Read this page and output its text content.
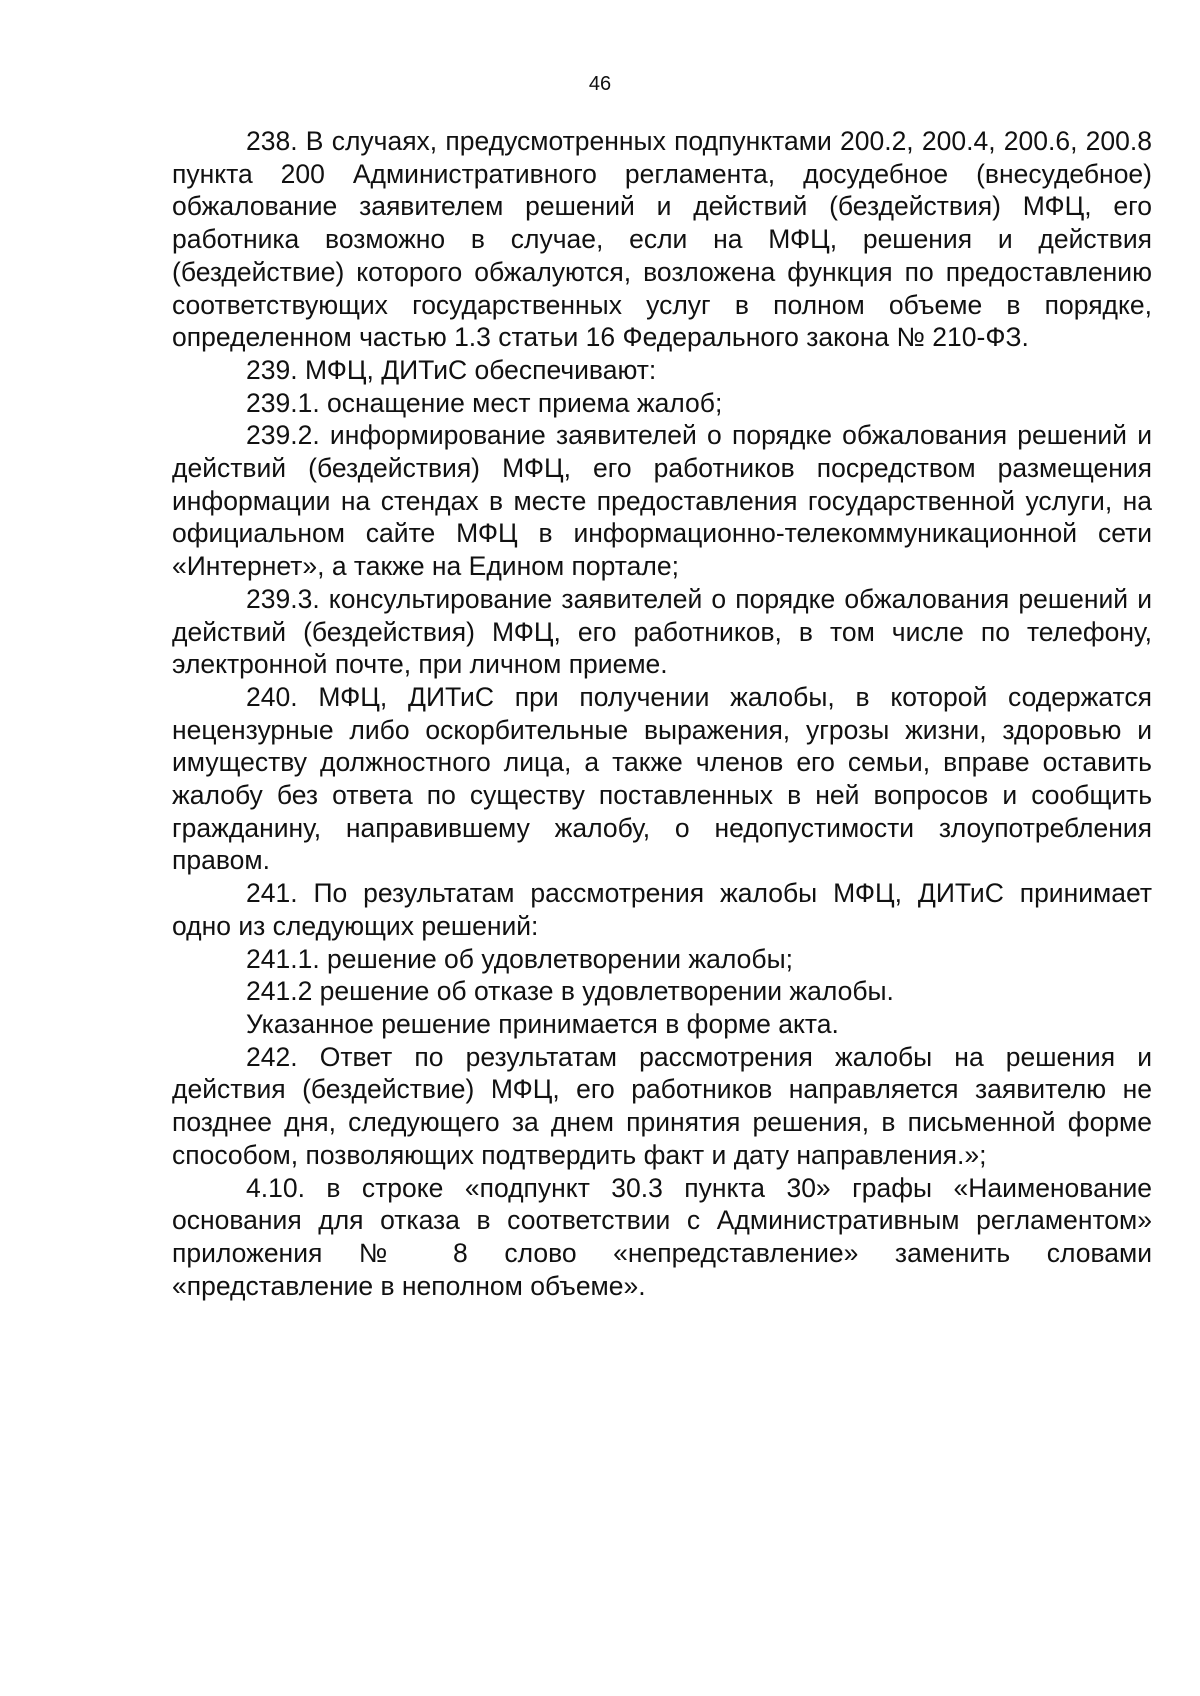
46

238. В случаях, предусмотренных подпунктами 200.2, 200.4, 200.6, 200.8 пункта 200 Административного регламента, досудебное (внесудебное) обжалование заявителем решений и действий (бездействия) МФЦ, его работника возможно в случае, если на МФЦ, решения и действия (бездействие) которого обжалуются, возложена функция по предоставлению соответствующих государственных услуг в полном объеме в порядке, определенном частью 1.3 статьи 16 Федерального закона № 210-ФЗ.

239. МФЦ, ДИТиС обеспечивают:

239.1. оснащение мест приема жалоб;

239.2. информирование заявителей о порядке обжалования решений и действий (бездействия) МФЦ, его работников посредством размещения информации на стендах в месте предоставления государственной услуги, на официальном сайте МФЦ в информационно-телекоммуникационной сети «Интернет», а также на Едином портале;

239.3. консультирование заявителей о порядке обжалования решений и действий (бездействия) МФЦ, его работников, в том числе по телефону, электронной почте, при личном приеме.

240. МФЦ, ДИТиС при получении жалобы, в которой содержатся нецензурные либо оскорбительные выражения, угрозы жизни, здоровью и имуществу должностного лица, а также членов его семьи, вправе оставить жалобу без ответа по существу поставленных в ней вопросов и сообщить гражданину, направившему жалобу, о недопустимости злоупотребления правом.

241. По результатам рассмотрения жалобы МФЦ, ДИТиС принимает одно из следующих решений:

241.1. решение об удовлетворении жалобы;

241.2 решение об отказе в удовлетворении жалобы.

Указанное решение принимается в форме акта.

242. Ответ по результатам рассмотрения жалобы на решения и действия (бездействие) МФЦ, его работников направляется заявителю не позднее дня, следующего за днем принятия решения, в письменной форме способом, позволяющих подтвердить факт и дату направления.»;

4.10. в строке «подпункт 30.3 пункта 30» графы «Наименование основания для отказа в соответствии с Административным регламентом» приложения № 8 слово «непредставление» заменить словами «представление в неполном объеме».
